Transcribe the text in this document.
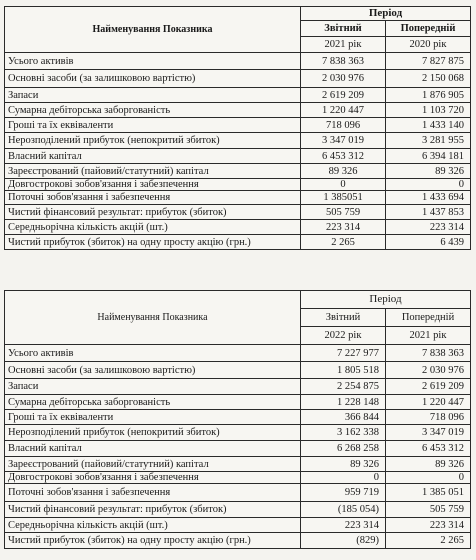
Найменування Показника	Період	
	Звітний	Попередній
	2021 рік	2020 рік
Усього активів	7 838 363	7 827 875
Основні засоби (за залишковою вартістю)	2 030 976	2 150 068
Запаси	2 619 209	1 876 905
Сумарна дебіторська заборгованість	1 220 447	1 103 720
Гроші та їх еквіваленти	718 096	1 433 140
Нерозподілений прибуток (непокритий збиток)	3 347 019	3 281 955
Власний капітал	6 453 312	6 394 181
Зареєстрований (пайовий/статутний) капітал	89 326	89 326
Довгострокові зобов'язання і забезпечення	0	0
Поточні зобов'язання і забезпечення	1 385051	1 433 694
Чистий фінансовий результат: прибуток (збиток)	505 759	1 437 853
Середньорічна кількість акцій (шт.)	223 314	223 314
Чистий прибуток (збиток) на одну просту акцію (грн.)	2 265	6 439
Найменування Показника	Період	
	Звітний	Попередній
	2022 рік	2021 рік
Усього активів	7 227 977	7 838 363
Основні засоби (за залишковою вартістю)	1 805 518	2 030 976
Запаси	2 254 875	2 619 209
Сумарна дебіторська заборгованість	1 228 148	1 220 447
Гроші та їх еквіваленти	366 844	718 096
Нерозподілений прибуток (непокритий збиток)	3 162 338	3 347 019
Власний капітал	6 268 258	6 453 312
Зареєстрований (пайовий/статутний) капітал	89 326	89 326
Довгострокові зобов'язання і забезпечення	0	0
Поточні зобов'язання і забезпечення	959 719	1 385 051
Чистий фінансовий результат: прибуток (збиток)	(185 054)	505 759
Середньорічна кількість акцій (шт.)	223 314	223 314
Чистий прибуток (збиток) на одну просту акцію (грн.)	(829)	2 265
